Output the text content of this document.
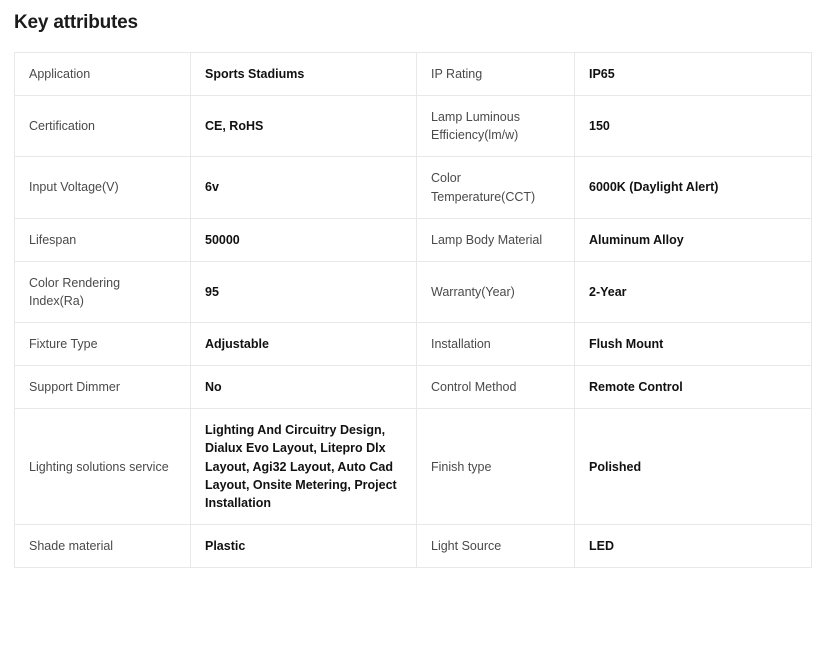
Key attributes
Application	Sports Stadiums	IP Rating	IP65
Certification	CE, RoHS	Lamp Luminous Efficiency(lm/w)	150
Input Voltage(V)	6v	Color Temperature(CCT)	6000K (Daylight Alert)
Lifespan	50000	Lamp Body Material	Aluminum Alloy
Color Rendering Index(Ra)	95	Warranty(Year)	2-Year
Fixture Type	Adjustable	Installation	Flush Mount
Support Dimmer	No	Control Method	Remote Control
Lighting solutions service	Lighting And Circuitry Design, Dialux Evo Layout, Litepro Dlx Layout, Agi32 Layout, Auto Cad Layout, Onsite Metering, Project Installation	Finish type	Polished
Shade material	Plastic	Light Source	LED
